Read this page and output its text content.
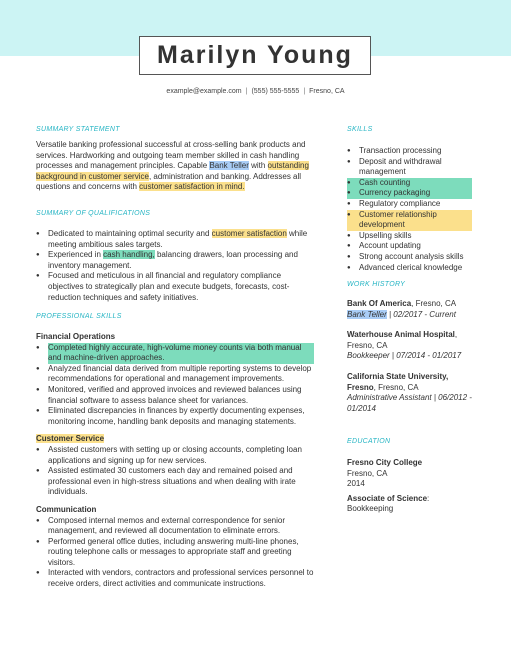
Marilyn Young
example@example.com | (555) 555-5555 | Fresno, CA
SUMMARY STATEMENT
Versatile banking professional successful at cross-selling bank products and services. Hardworking and outgoing team member skilled in cash handling processes and management principles. Capable Bank Teller with outstanding background in customer service, administration and banking. Addresses all questions and concerns with customer satisfaction in mind.
SUMMARY OF QUALIFICATIONS
● Dedicated to maintaining optimal security and customer satisfaction while meeting ambitious sales targets.
● Experienced in cash handling, balancing drawers, loan processing and inventory management.
● Focused and meticulous in all financial and regulatory compliance objectives to strategically plan and execute budgets, forecasts, cost-reduction techniques and safety initiatives.
PROFESSIONAL SKILLS
Financial Operations
● Completed highly accurate, high-volume money counts via both manual and machine-driven approaches.
● Analyzed financial data derived from multiple reporting systems to develop recommendations for operational and management improvements.
● Monitored, verified and approved invoices and reviewed balances using financial software to assess balance sheet for variances.
● Eliminated discrepancies in finances by expertly documenting expenses, monitoring income, handling bank deposits and managing statements.
Customer Service
● Assisted customers with setting up or closing accounts, completing loan applications and signing up for new services.
● Assisted estimated 30 customers each day and remained poised and professional even in high-stress situations and when dealing with irate individuals.
Communication
● Composed internal memos and external correspondence for senior management, and reviewed all documentation to eliminate errors.
● Performed general office duties, including answering multi-line phones, routing telephone calls or messages to appropriate staff and greeting visitors.
● Interacted with vendors, contractors and professional services personnel to receive orders, direct activities and communicate instructions.
SKILLS
● Transaction processing
● Deposit and withdrawal management
● Cash counting
● Currency packaging
● Regulatory compliance
● Customer relationship development
● Upselling skills
● Account updating
● Strong account analysis skills
● Advanced clerical knowledge
WORK HISTORY
Bank Of America, Fresno, CA
Bank Teller | 02/2017 - Current
Waterhouse Animal Hospital, Fresno, CA
Bookkeeper | 07/2014 - 01/2017
California State University, Fresno, Fresno, CA
Administrative Assistant | 06/2012 - 01/2014
EDUCATION
Fresno City College
Fresno, CA
2014
Associate of Science:
Bookkeeping
